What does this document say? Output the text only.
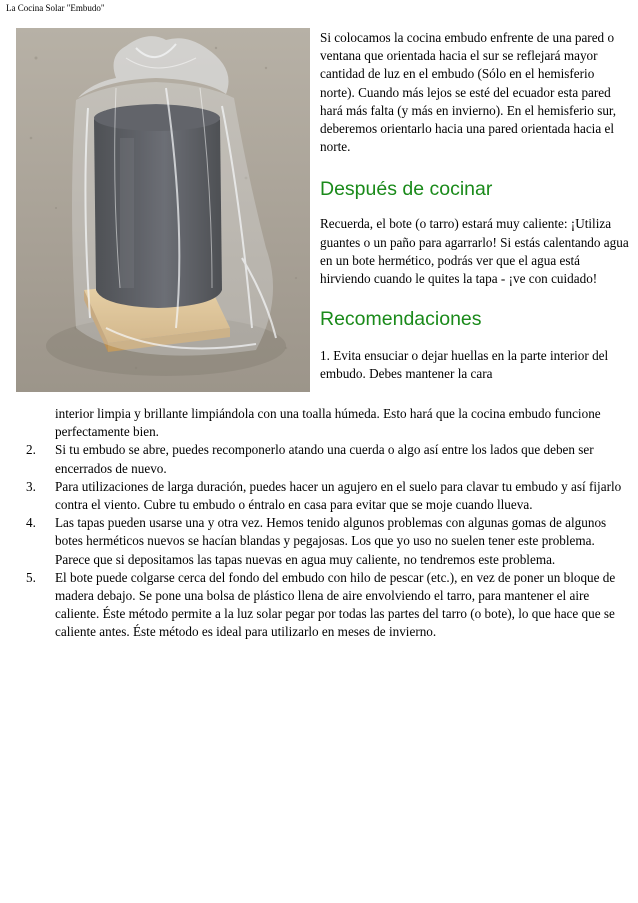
La Cocina Solar "Embudo"

Si colocamos la cocina embudo enfrente de una pared o ventana que orientada hacia el sur se reflejará mayor cantidad de luz en el embudo (Sólo en el hemisferio norte). Cuando más lejos se esté del ecuador esta pared hará más falta (y más en invierno). En el hemisferio sur, deberemos orientarlo hacia una pared orientada hacia el norte.

Después de cocinar

Recuerda, el bote (o tarro) estará muy caliente: ¡Utiliza guantes o un paño para agarrarlo! Si estás calentando agua en un bote hermético, podrás ver que el agua está hirviendo cuando le quites la tapa - ¡ve con cuidado!

Recomendaciones

1. Evita ensuciar o dejar huellas en la parte interior del embudo. Debes mantener la cara

interior limpia y brillante limpiándola con una toalla húmeda. Esto hará que la cocina embudo funcione perfectamente bien.

2. Si tu embudo se abre, puedes recomponerlo atando una cuerda o algo así entre los lados que deben ser encerrados de nuevo.
3. Para utilizaciones de larga duración, puedes hacer un agujero en el suelo para clavar tu embudo y así fijarlo contra el viento. Cubre tu embudo o éntralo en casa para evitar que se moje cuando llueva.
4. Las tapas pueden usarse una y otra vez. Hemos tenido algunos problemas con algunas gomas de algunos botes herméticos nuevos se hacían blandas y pegajosas. Los que yo uso no suelen tener este problema. Parece que si depositamos las tapas nuevas en agua muy caliente, no tendremos este problema.
5. El bote puede colgarse cerca del fondo del embudo con hilo de pescar (etc.), en vez de poner un bloque de madera debajo. Se pone una bolsa de plástico llena de aire envolviendo el tarro, para mantener el aire caliente. Éste método permite a la luz solar pegar por todas las partes del tarro (o bote), lo que hace que se caliente antes. Éste método es ideal para utilizarlo en meses de invierno.
